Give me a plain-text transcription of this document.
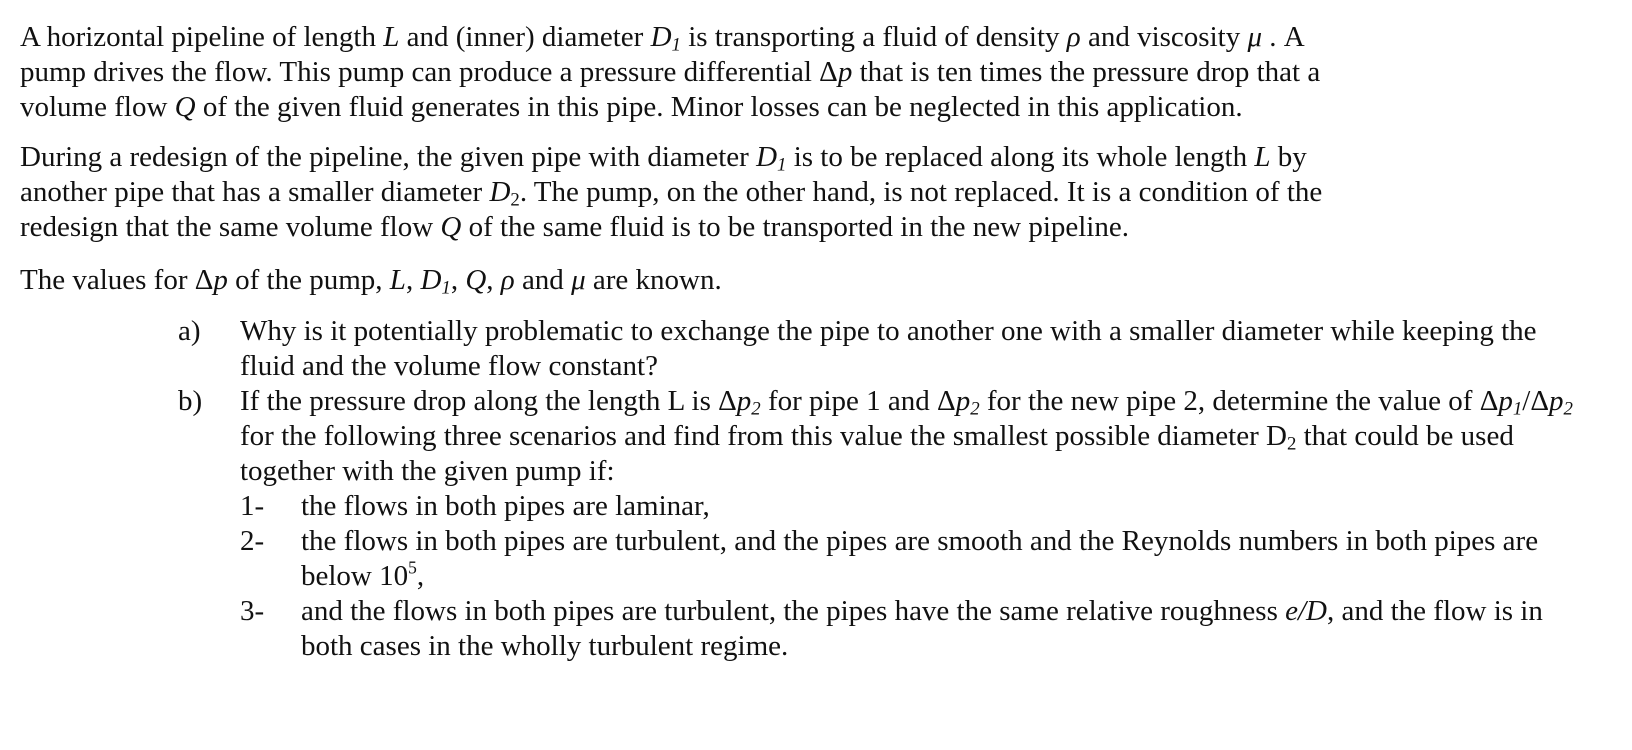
A horizontal pipeline of length L and (inner) diameter $D_1$ is transporting a fluid of density ρ and viscosity μ . A
pump drives the flow. This pump can produce a pressure differential Δp that is ten times the pressure drop that a
volume flow Q of the given fluid generates in this pipe. Minor losses can be neglected in this application.

During a redesign of the pipeline, the given pipe with diameter $D_1$ is to be replaced along its whole length L by
another pipe that has a smaller diameter $D_2$. The pump, on the other hand, is not replaced. It is a condition of the
redesign that the same volume flow Q of the same fluid is to be transported in the new pipeline.

The values for Δp of the pump, L, $D_1$, Q, ρ and μ are known.

a) Why is it potentially problematic to exchange the pipe to another one with a smaller diameter while keeping the
fluid and the volume flow constant?
b) If the pressure drop along the length L is $\Delta p_2$ for pipe 1 and $\Delta p_2$ for the new pipe 2, determine the value of $\Delta p_1/\Delta p_2$
for the following three scenarios and find from this value the smallest possible diameter $D_2$ that could be used
together with the given pump if:
1- the flows in both pipes are laminar,
2- the flows in both pipes are turbulent, and the pipes are smooth and the Reynolds numbers in both pipes are
below $10^5$,
3- and the flows in both pipes are turbulent, the pipes have the same relative roughness e/D, and the flow is in
both cases in the wholly turbulent regime.
